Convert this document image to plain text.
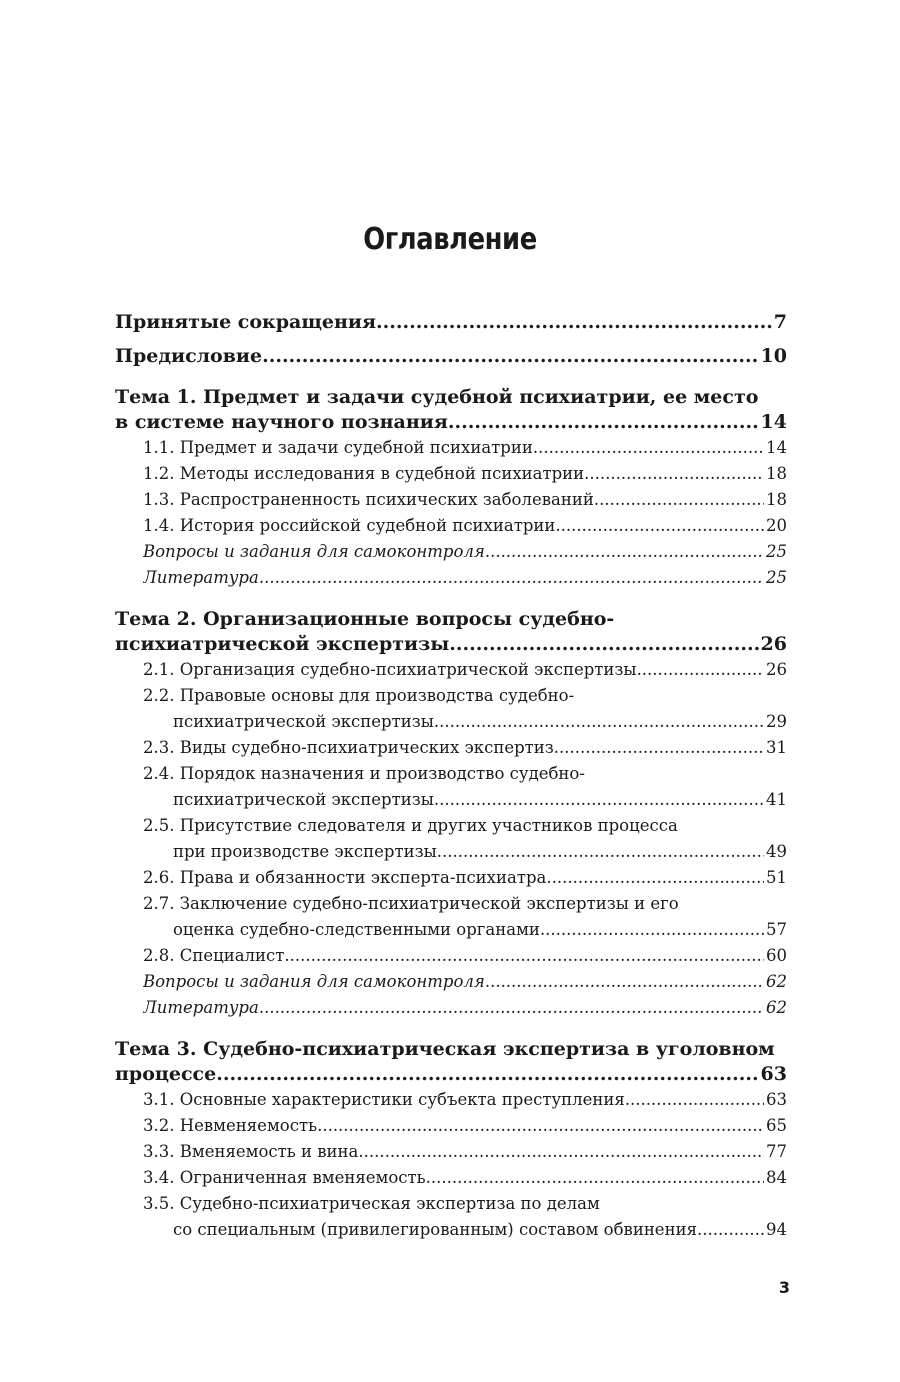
Оглавление
Принятые сокращения .....	7
Предисловие .....	10
Тема 1. Предмет и задачи судебной психиатрии, ее место
в системе научного познания .....	14
1.1. Предмет и задачи судебной психиатрии .....	14
1.2. Методы исследования в судебной психиатрии .....	18
1.3. Распространенность психических заболеваний .....	18
1.4. История российской судебной психиатрии .....	20
Вопросы и задания для самоконтроля .....	25
Литература .....	25
Тема 2. Организационные вопросы судебно-
психиатрической экспертизы .....	26
2.1. Организация судебно-психиатрической экспертизы .....	26
2.2. Правовые основы для производства судебно-
психиатрической экспертизы .....	29
2.3. Виды судебно-психиатрических экспертиз .....	31
2.4. Порядок назначения и производство судебно-
психиатрической экспертизы .....	41
2.5. Присутствие следователя и других участников процесса
при производстве экспертизы .....	49
2.6. Права и обязанности эксперта-психиатра .....	51
2.7. Заключение судебно-психиатрической экспертизы и его
оценка судебно-следственными органами .....	57
2.8. Специалист .....	60
Вопросы и задания для самоконтроля .....	62
Литература .....	62
Тема 3. Судебно-психиатрическая экспертиза в уголовном
процессе .....	63
3.1. Основные характеристики субъекта преступления .....	63
3.2. Невменяемость .....	65
3.3. Вменяемость и вина .....	77
3.4. Ограниченная вменяемость .....	84
3.5. Судебно-психиатрическая экспертиза по делам
со специальным (привилегированным) составом обвинения .....	94
3
